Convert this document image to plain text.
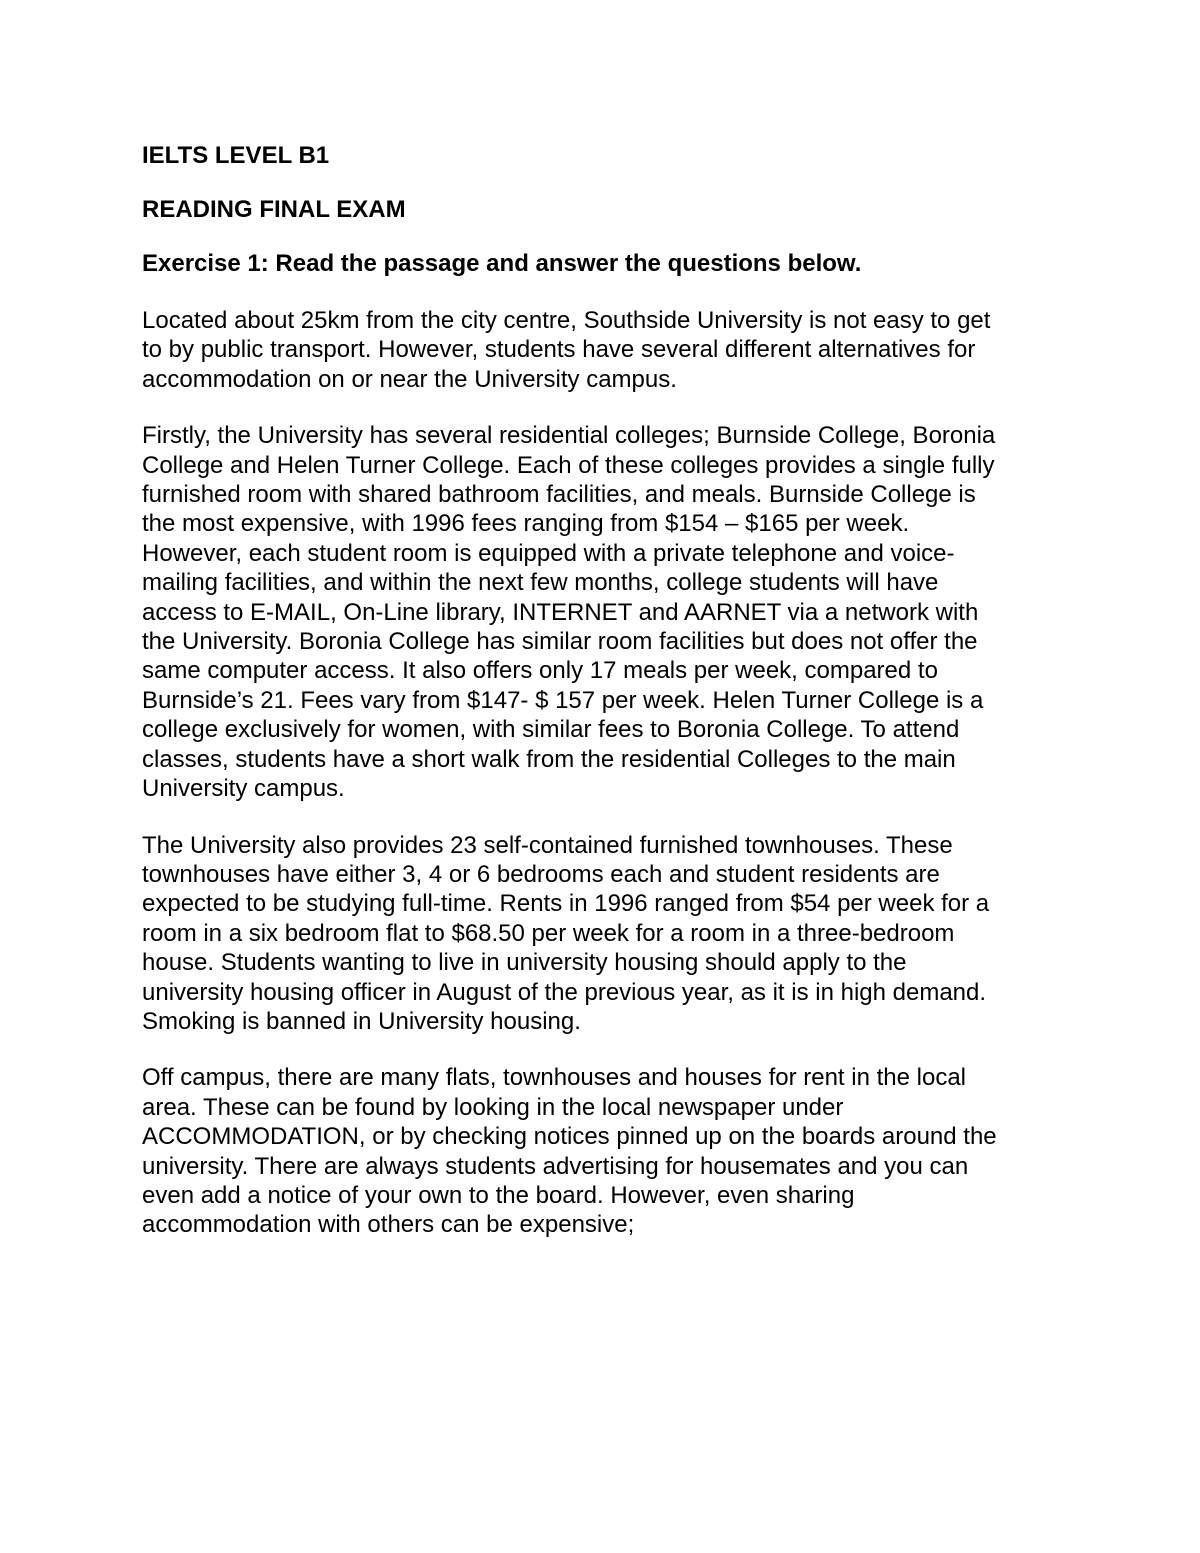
IELTS LEVEL B1

READING FINAL EXAM

Exercise 1: Read the passage and answer the questions below.

Located about 25km from the city centre, Southside University is not easy to get
to by public transport. However, students have several different alternatives for
accommodation on or near the University campus.

Firstly, the University has several residential colleges; Burnside College, Boronia
College and Helen Turner College. Each of these colleges provides a single fully
furnished room with shared bathroom facilities, and meals. Burnside College is
the most expensive, with 1996 fees ranging from $154 – $165 per week.
However, each student room is equipped with a private telephone and voice-
mailing facilities, and within the next few months, college students will have
access to E-MAIL, On-Line library, INTERNET and AARNET via a network with
the University. Boronia College has similar room facilities but does not offer the
same computer access. It also offers only 17 meals per week, compared to
Burnside’s 21. Fees vary from $147- $ 157 per week. Helen Turner College is a
college exclusively for women, with similar fees to Boronia College. To attend
classes, students have a short walk from the residential Colleges to the main
University campus.

The University also provides 23 self-contained furnished townhouses. These
townhouses have either 3, 4 or 6 bedrooms each and student residents are
expected to be studying full-time. Rents in 1996 ranged from $54 per week for a
room in a six bedroom flat to $68.50 per week for a room in a three-bedroom
house. Students wanting to live in university housing should apply to the
university housing officer in August of the previous year, as it is in high demand.
Smoking is banned in University housing.

Off campus, there are many flats, townhouses and houses for rent in the local
area. These can be found by looking in the local newspaper under
ACCOMMODATION, or by checking notices pinned up on the boards around the
university. There are always students advertising for housemates and you can
even add a notice of your own to the board. However, even sharing
accommodation with others can be expensive;
